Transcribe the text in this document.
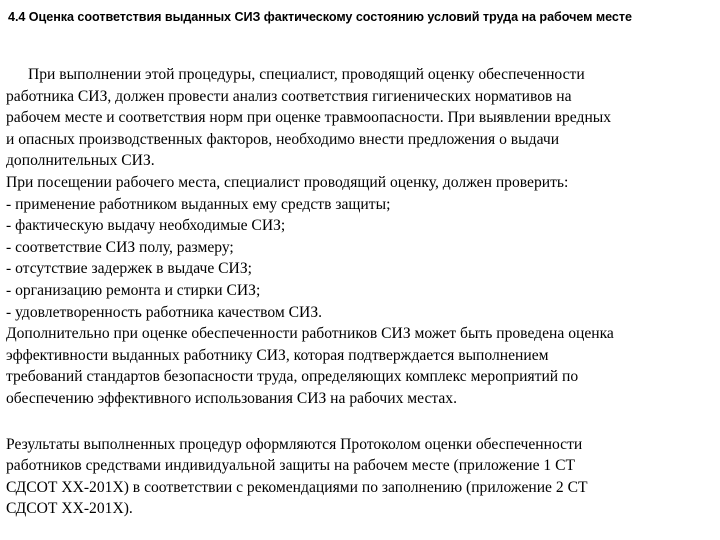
4.4 Оценка соответствия выданных СИЗ фактическому состоянию условий труда на рабочем месте
При выполнении этой процедуры, специалист, проводящий оценку обеспеченности
работника СИЗ, должен провести анализ соответствия гигиенических нормативов на
рабочем месте и соответствия норм при оценке травмоопасности. При выявлении вредных
и опасных производственных факторов, необходимо внести предложения о выдачи
дополнительных СИЗ.
При посещении рабочего места, специалист проводящий оценку, должен проверить:
- применение работником выданных ему средств защиты;
- фактическую выдачу необходимые СИЗ;
- соответствие СИЗ полу, размеру;
- отсутствие задержек в выдаче СИЗ;
- организацию ремонта и стирки СИЗ;
- удовлетворенность работника качеством СИЗ.
Дополнительно при оценке обеспеченности работников СИЗ может быть проведена оценка
эффективности выданных работнику СИЗ, которая подтверждается выполнением
требований стандартов безопасности труда, определяющих комплекс мероприятий по
обеспечению эффективного использования СИЗ на рабочих местах.
Результаты выполненных процедур оформляются Протоколом оценки обеспеченности
работников средствами индивидуальной защиты на рабочем месте (приложение 1 СТ
СДСОТ ХХ-201Х) в соответствии с рекомендациями по заполнению (приложение 2 СТ
СДСОТ ХХ-201Х).
